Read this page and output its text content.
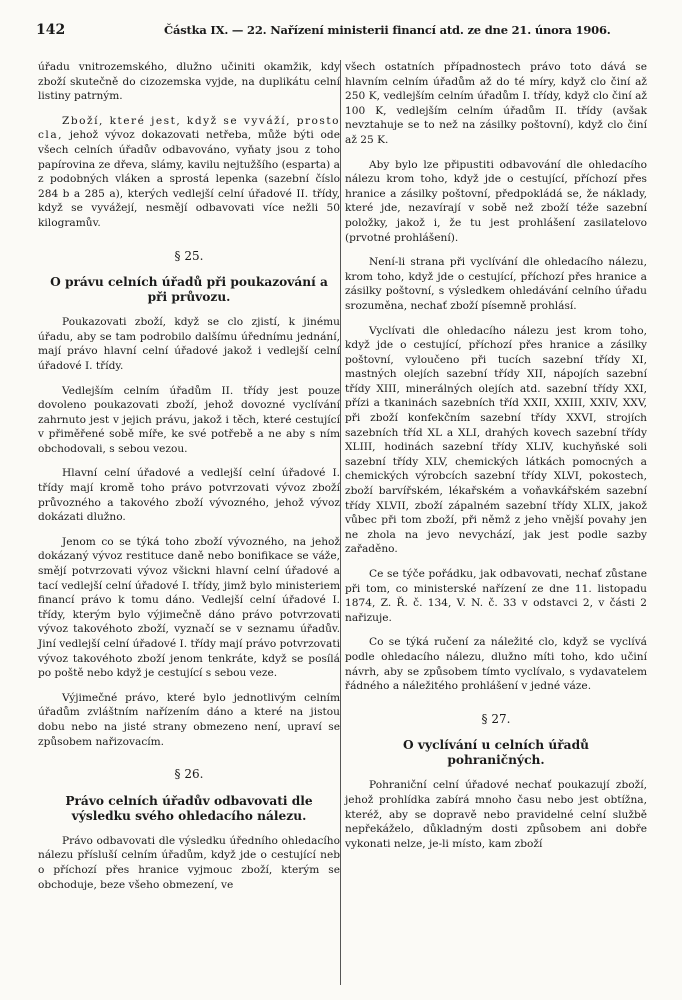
142	Částka IX. — 22. Nařízení ministerii financí atd. ze dne 21. února 1906.

úřadu vnitrozemského, dlužno učiniti okamžik, kdy zboží skutečně do cizozemska vyjde, na duplikátu celní listiny patrným.

Zboží, které jest, když se vyváží, prosto cla, jehož vývoz dokazovati netřeba, může býti ode všech celních úřadův odbavováno, vyňaty jsou z toho papírovina ze dřeva, slámy, kavilu nejtužšího (esparta) a z podobných vláken a sprostá lepenka (sazební číslo 284 b a 285 a), kterých vedlejší celní úřadové II. třídy, když se vyvážejí, nesmějí odbavovati více nežli 50 kilogramův.

§ 25.
O právu celních úřadů při poukazování a při průvozu.

Poukazovati zboží, když se clo zjistí, k jinému úřadu, aby se tam podrobilo dalšímu úřednímu jednání, mají právo hlavní celní úřadové jakož i vedlejší celní úřadové I. třídy.

Vedlejším celním úřadům II. třídy jest pouze dovoleno poukazovati zboží, jehož dovozné vyclívání zahrnuto jest v jejich právu, jakož i těch, které cestující v přiměřené sobě míře, ke své potřebě a ne aby s ním obchodovali, s sebou vezou.

Hlavní celní úřadové a vedlejší celní úřadové I. třídy mají kromě toho právo potvrzovati vývoz zboží průvozného a takového zboží vývozného, jehož vývoz dokázati dlužno.

Jenom co se týká toho zboží vývozného, na jehož dokázaný vývoz restituce daně nebo bonifikace se váže, smějí potvrzovati vývoz všickni hlavní celní úřadové a tací vedlejší celní úřadové I. třídy, jimž bylo ministeriem financí právo k tomu dáno. Vedlejší celní úřadové I. třídy, kterým bylo výjimečně dáno právo potvrzovati vývoz takovéhoto zboží, vyznačí se v seznamu úřadův. Jiní vedlejší celní úřadové I. třídy mají právo potvrzovati vývoz takovéhoto zboží jenom tenkráte, když se posílá po poště nebo když je cestující s sebou veze.

Výjimečné právo, které bylo jednotlivým celním úřadům zvláštním nařízením dáno a které na jistou dobu nebo na jisté strany obmezeno není, upraví se způsobem nařizovacím.

§ 26.
Právo celních úřadův odbavovati dle výsledku svého ohledacího nálezu.

Právo odbavovati dle výsledku úředního ohledacího nálezu přísluší celním úřadům, když jde o cestující neb o příchozí přes hranice vyjmouc zboží, kterým se obchoduje, beze všeho obmezení, ve

všech ostatních případnostech právo toto dává se hlavním celním úřadům až do té míry, když clo činí až 250 K, vedlejším celním úřadům I. třídy, když clo činí až 100 K, vedlejším celním úřadům II. třídy (avšak nevztahuje se to než na zásilky poštovní), když clo činí až 25 K.

Aby bylo lze připustiti odbavování dle ohledacího nálezu krom toho, když jde o cestující, příchozí přes hranice a zásilky poštovní, předpokládá se, že náklady, které jde, nezavírají v sobě než zboží téže sazební položky, jakož i, že tu jest prohlášení zasilatelovo (prvotné prohlášení).

Není-li strana při vyclívání dle ohledacího nálezu, krom toho, když jde o cestující, příchozí přes hranice a zásilky poštovní, s výsledkem ohledávání celního úřadu srozuměna, nechať zboží písemně prohlásí.

Vyclívati dle ohledacího nálezu jest krom toho, když jde o cestující, příchozí přes hranice a zásilky poštovní, vyloučeno při tucích sazební třídy XI, mastných olejích sazební třídy XII, nápojích sazební třídy XIII, minerálných olejích atd. sazební třídy XXI, přízi a tkaninách sazebních tříd XXII, XXIII, XXIV, XXV, při zboží konfekčním sazební třídy XXVI, strojích sazebních tříd XL a XLI, drahých kovech sazební třídy XLIII, hodinách sazební třídy XLIV, kuchyňské soli sazební třídy XLV, chemických látkách pomocných a chemických výrobcích sazební třídy XLVI, pokostech, zboží barvířském, lékařském a voňavkářském sazební třídy XLVII, zboží zápalném sazební třídy XLIX, jakož vůbec při tom zboží, při němž z jeho vnější povahy jen ne zhola na jevo nevychází, jak jest podle sazby zařaděno.

Ce se týče pořádku, jak odbavovati, nechať zůstane při tom, co ministerské nařízení ze dne 11. listopadu 1874, Z. Ř. č. 134, V. N. č. 33 v odstavci 2, v části 2 nařizuje.

Co se týká ručení za náležité clo, když se vyclívá podle ohledacího nálezu, dlužno míti toho, kdo učiní návrh, aby se způsobem tímto vyclívalo, s vydavatelem řádného a náležitého prohlášení v jedné váze.

§ 27.
O vyclívání u celních úřadů pohraničných.

Pohraniční celní úřadové nechať poukazují zboží, jehož prohlídka zabírá mnoho času nebo jest obtížna, kteréž, aby se dopravě nebo pravidelné celní službě nepřekáželo, důkladným dosti způsobem ani dobře vykonati nelze, je-li místo, kam zboží
